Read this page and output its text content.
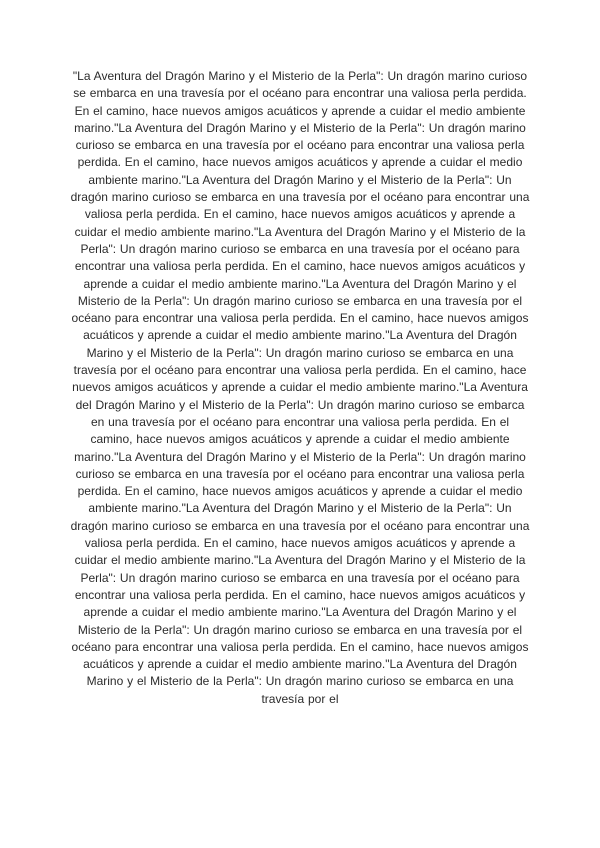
"La Aventura del Dragón Marino y el Misterio de la Perla": Un dragón marino curioso se embarca en una travesía por el océano para encontrar una valiosa perla perdida. En el camino, hace nuevos amigos acuáticos y aprende a cuidar el medio ambiente marino."La Aventura del Dragón Marino y el Misterio de la Perla": Un dragón marino curioso se embarca en una travesía por el océano para encontrar una valiosa perla perdida. En el camino, hace nuevos amigos acuáticos y aprende a cuidar el medio ambiente marino."La Aventura del Dragón Marino y el Misterio de la Perla": Un dragón marino curioso se embarca en una travesía por el océano para encontrar una valiosa perla perdida. En el camino, hace nuevos amigos acuáticos y aprende a cuidar el medio ambiente marino."La Aventura del Dragón Marino y el Misterio de la Perla": Un dragón marino curioso se embarca en una travesía por el océano para encontrar una valiosa perla perdida. En el camino, hace nuevos amigos acuáticos y aprende a cuidar el medio ambiente marino."La Aventura del Dragón Marino y el Misterio de la Perla": Un dragón marino curioso se embarca en una travesía por el océano para encontrar una valiosa perla perdida. En el camino, hace nuevos amigos acuáticos y aprende a cuidar el medio ambiente marino."La Aventura del Dragón Marino y el Misterio de la Perla": Un dragón marino curioso se embarca en una travesía por el océano para encontrar una valiosa perla perdida. En el camino, hace nuevos amigos acuáticos y aprende a cuidar el medio ambiente marino."La Aventura del Dragón Marino y el Misterio de la Perla": Un dragón marino curioso se embarca en una travesía por el océano para encontrar una valiosa perla perdida. En el camino, hace nuevos amigos acuáticos y aprende a cuidar el medio ambiente marino."La Aventura del Dragón Marino y el Misterio de la Perla": Un dragón marino curioso se embarca en una travesía por el océano para encontrar una valiosa perla perdida. En el camino, hace nuevos amigos acuáticos y aprende a cuidar el medio ambiente marino."La Aventura del Dragón Marino y el Misterio de la Perla": Un dragón marino curioso se embarca en una travesía por el océano para encontrar una valiosa perla perdida. En el camino, hace nuevos amigos acuáticos y aprende a cuidar el medio ambiente marino."La Aventura del Dragón Marino y el Misterio de la Perla": Un dragón marino curioso se embarca en una travesía por el océano para encontrar una valiosa perla perdida. En el camino, hace nuevos amigos acuáticos y aprende a cuidar el medio ambiente marino."La Aventura del Dragón Marino y el Misterio de la Perla": Un dragón marino curioso se embarca en una travesía por el océano para encontrar una valiosa perla perdida. En el camino, hace nuevos amigos acuáticos y aprende a cuidar el medio ambiente marino."La Aventura del Dragón Marino y el Misterio de la Perla": Un dragón marino curioso se embarca en una travesía por el
